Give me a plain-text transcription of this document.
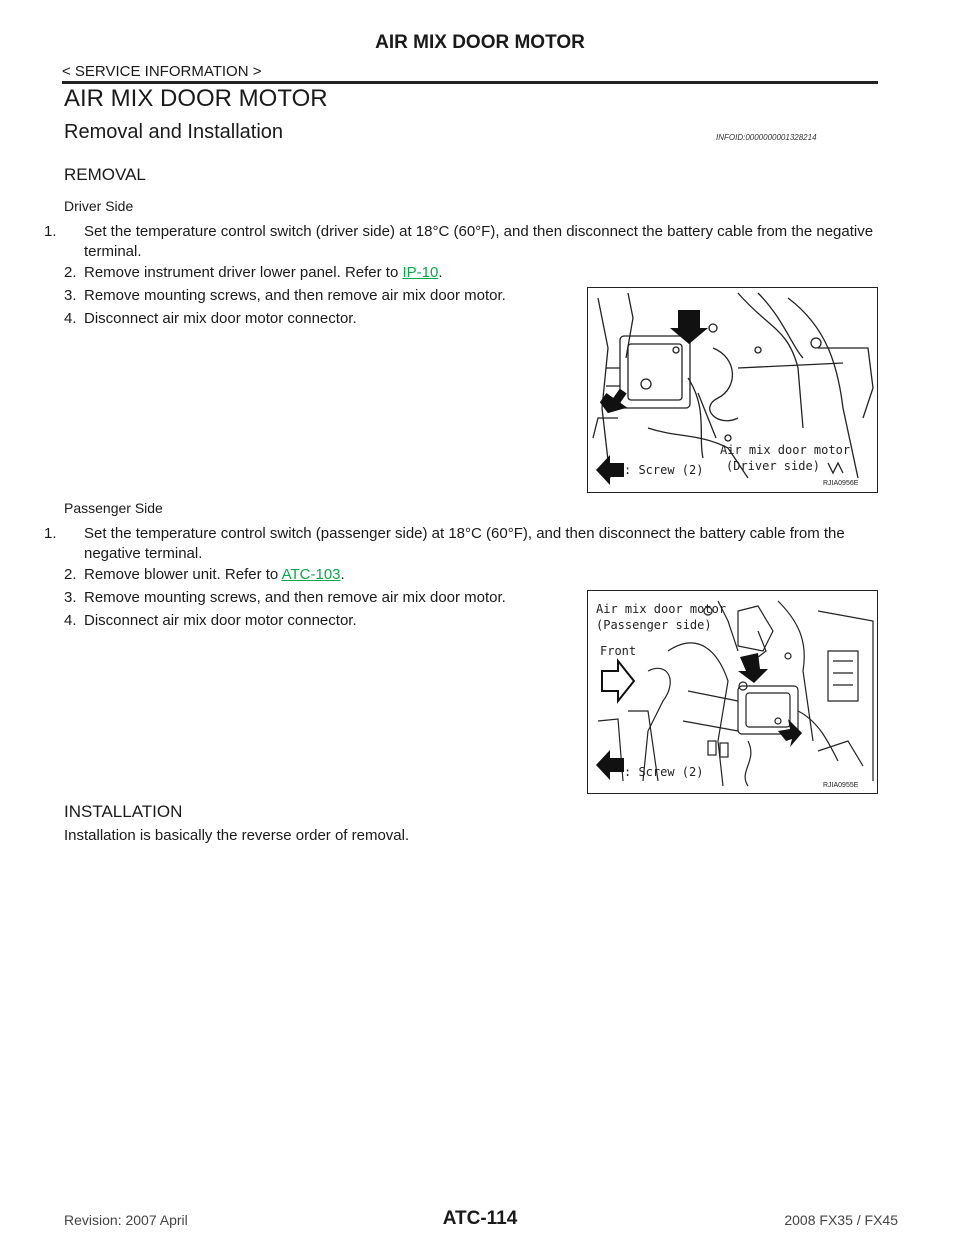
AIR MIX DOOR MOTOR
< SERVICE INFORMATION >
AIR MIX DOOR MOTOR
Removal and Installation	INFOID:0000000001328214
REMOVAL
Driver Side
1. Set the temperature control switch (driver side) at 18°C (60°F), and then disconnect the battery cable from the negative terminal.
2. Remove instrument driver lower panel. Refer to IP-10.
3. Remove mounting screws, and then remove air mix door motor.
4. Disconnect air mix door motor connector.
: Screw (2)
Air mix door motor
(Driver side)
RJIA0956E
Passenger Side
1. Set the temperature control switch (passenger side) at 18°C (60°F), and then disconnect the battery cable from the negative terminal.
2. Remove blower unit. Refer to ATC-103.
3. Remove mounting screws, and then remove air mix door motor.
4. Disconnect air mix door motor connector.
Air mix door motor
(Passenger side)
Front
: Screw (2)
RJIA0955E
INSTALLATION
Installation is basically the reverse order of removal.
ATC-114
Revision: 2007 April	2008 FX35 / FX45
